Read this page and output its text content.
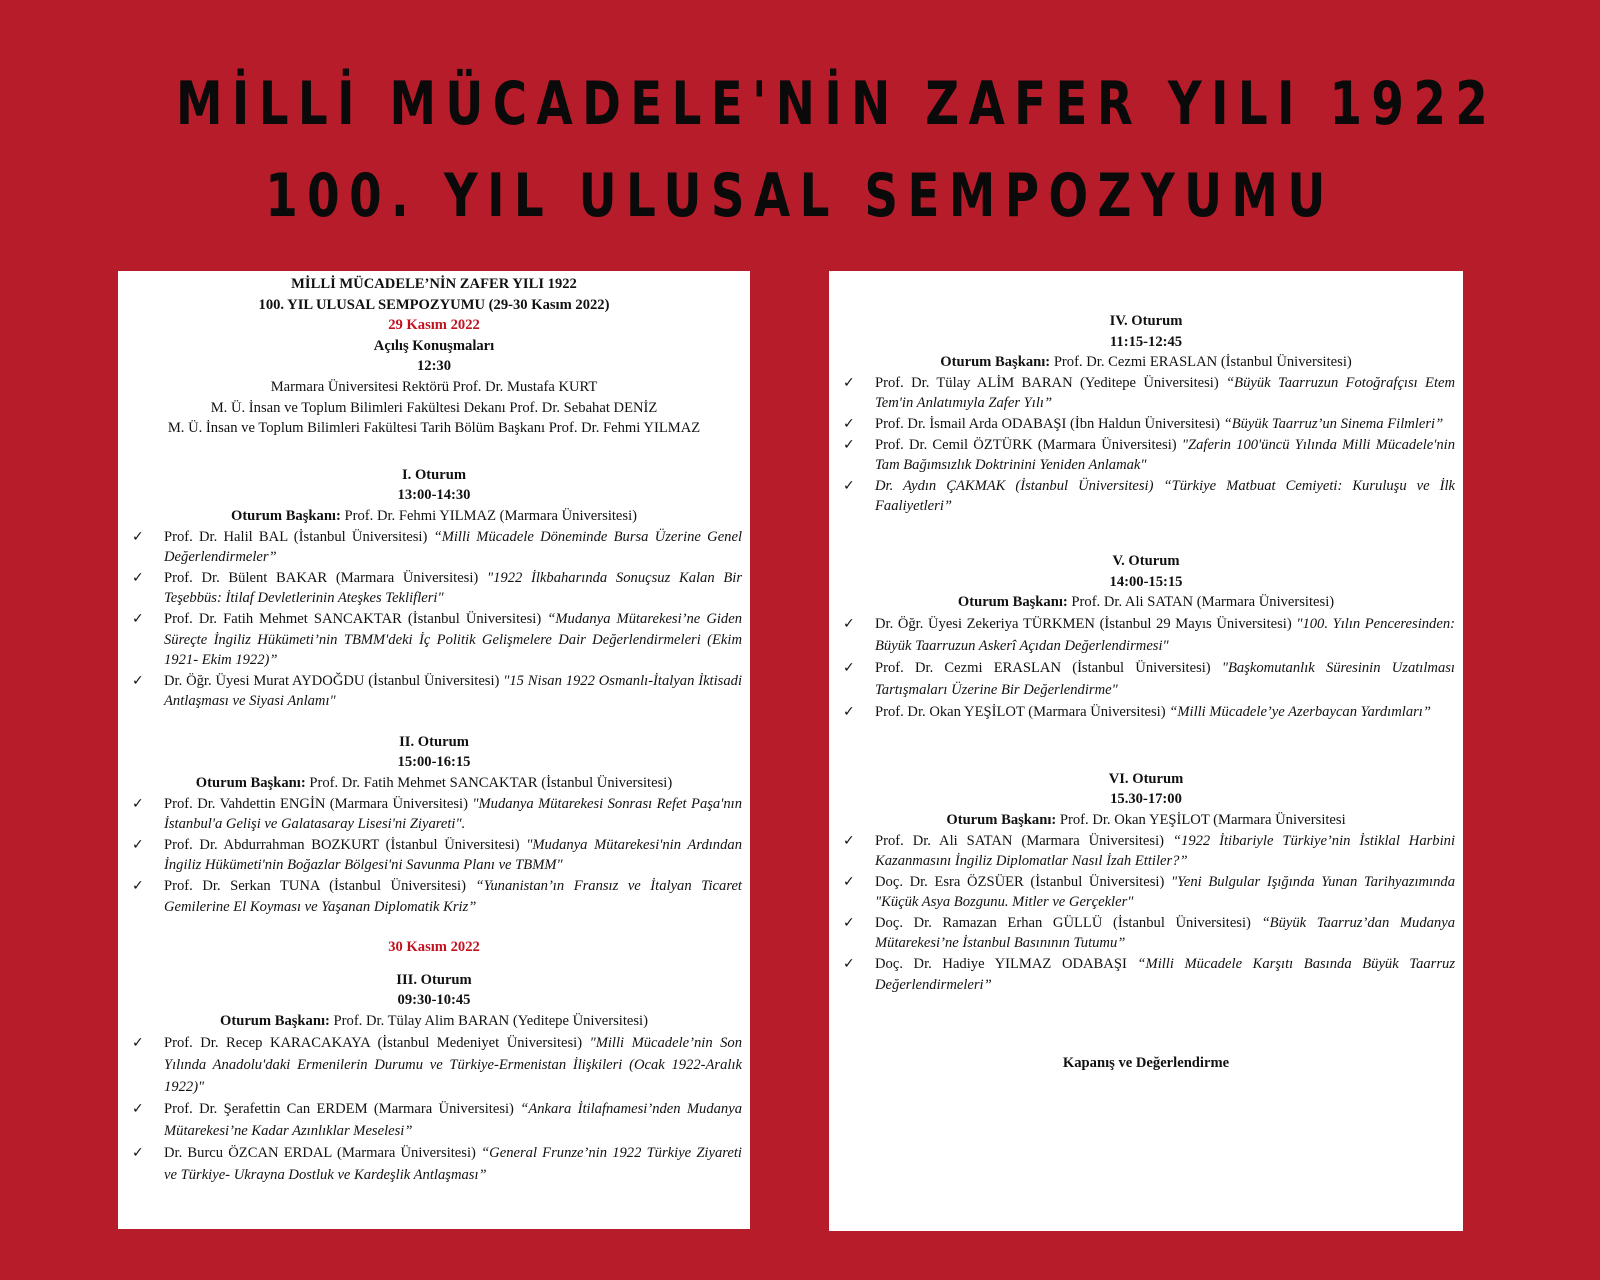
MİLLİ MÜCADELE'NİN ZAFER YILI 1922
100. YIL ULUSAL SEMPOZYUMU
MİLLİ MÜCADELE’NİN ZAFER YILI 1922
100. YIL ULUSAL SEMPOZYUMU (29-30 Kasım 2022)
29 Kasım 2022
Açılış Konuşmaları
12:30
Marmara Üniversitesi Rektörü Prof. Dr. Mustafa KURT
M. Ü. İnsan ve Toplum Bilimleri Fakültesi Dekanı Prof. Dr. Sebahat DENİZ
M. Ü. İnsan ve Toplum Bilimleri Fakültesi Tarih Bölüm Başkanı Prof. Dr. Fehmi YILMAZ
I. Oturum
13:00-14:30
Oturum Başkanı: Prof. Dr. Fehmi YILMAZ (Marmara Üniversitesi)
✓ Prof. Dr. Halil BAL (İstanbul Üniversitesi) “Milli Mücadele Döneminde Bursa Üzerine Genel Değerlendirmeler”
✓ Prof. Dr. Bülent BAKAR (Marmara Üniversitesi) "1922 İlkbaharında Sonuçsuz Kalan Bir Teşebbüs: İtilaf Devletlerinin Ateşkes Teklifleri"
✓ Prof. Dr. Fatih Mehmet SANCAKTAR (İstanbul Üniversitesi) “Mudanya Mütarekesi’ne Giden Süreçte İngiliz Hükümeti’nin TBMM'deki İç Politik Gelişmelere Dair Değerlendirmeleri (Ekim 1921- Ekim 1922)”
✓ Dr. Öğr. Üyesi Murat AYDOĞDU (İstanbul Üniversitesi) "15 Nisan 1922 Osmanlı-İtalyan İktisadi Antlaşması ve Siyasi Anlamı"
II. Oturum
15:00-16:15
Oturum Başkanı: Prof. Dr. Fatih Mehmet SANCAKTAR (İstanbul Üniversitesi)
✓ Prof. Dr. Vahdettin ENGİN (Marmara Üniversitesi) "Mudanya Mütarekesi Sonrası Refet Paşa'nın İstanbul'a Gelişi ve Galatasaray Lisesi'ni Ziyareti".
✓ Prof. Dr. Abdurrahman BOZKURT (İstanbul Üniversitesi) "Mudanya Mütarekesi'nin Ardından İngiliz Hükümeti'nin Boğazlar Bölgesi'ni Savunma Planı ve TBMM"
✓ Prof. Dr. Serkan TUNA (İstanbul Üniversitesi) “Yunanistan’ın Fransız ve İtalyan Ticaret Gemilerine El Koyması ve Yaşanan Diplomatik Kriz”
30 Kasım 2022
III. Oturum
09:30-10:45
Oturum Başkanı: Prof. Dr. Tülay Alim BARAN (Yeditepe Üniversitesi)
✓ Prof. Dr. Recep KARACAKAYA (İstanbul Medeniyet Üniversitesi) "Milli Mücadele’nin Son Yılında Anadolu'daki Ermenilerin Durumu ve Türkiye-Ermenistan İlişkileri (Ocak 1922-Aralık 1922)"
✓ Prof. Dr. Şerafettin Can ERDEM (Marmara Üniversitesi) “Ankara İtilafnamesi’nden Mudanya Mütarekesi’ne Kadar Azınlıklar Meselesi”
✓ Dr. Burcu ÖZCAN ERDAL (Marmara Üniversitesi) “General Frunze’nin 1922 Türkiye Ziyareti ve Türkiye- Ukrayna Dostluk ve Kardeşlik Antlaşması”
IV. Oturum
11:15-12:45
Oturum Başkanı: Prof. Dr. Cezmi ERASLAN (İstanbul Üniversitesi)
✓ Prof. Dr. Tülay ALİM BARAN (Yeditepe Üniversitesi) “Büyük Taarruzun Fotoğrafçısı Etem Tem'in Anlatımıyla Zafer Yılı”
✓ Prof. Dr. İsmail Arda ODABAŞI (İbn Haldun Üniversitesi) “Büyük Taarruz’un Sinema Filmleri”
✓ Prof. Dr. Cemil ÖZTÜRK (Marmara Üniversitesi) "Zaferin 100'üncü Yılında Milli Mücadele'nin Tam Bağımsızlık Doktrinini Yeniden Anlamak"
✓ Dr. Aydın ÇAKMAK (İstanbul Üniversitesi) “Türkiye Matbuat Cemiyeti: Kuruluşu ve İlk Faaliyetleri”
V. Oturum
14:00-15:15
Oturum Başkanı: Prof. Dr. Ali SATAN (Marmara Üniversitesi)
✓ Dr. Öğr. Üyesi Zekeriya TÜRKMEN (İstanbul 29 Mayıs Üniversitesi) "100. Yılın Penceresinden: Büyük Taarruzun Askerî Açıdan Değerlendirmesi"
✓ Prof. Dr. Cezmi ERASLAN (İstanbul Üniversitesi) "Başkomutanlık Süresinin Uzatılması Tartışmaları Üzerine Bir Değerlendirme"
✓ Prof. Dr. Okan YEŞİLOT (Marmara Üniversitesi) “Milli Mücadele’ye Azerbaycan Yardımları”
VI. Oturum
15.30-17:00
Oturum Başkanı: Prof. Dr. Okan YEŞİLOT (Marmara Üniversitesi
✓ Prof. Dr. Ali SATAN (Marmara Üniversitesi) “1922 İtibariyle Türkiye’nin İstiklal Harbini Kazanmasını İngiliz Diplomatlar Nasıl İzah Ettiler?”
✓ Doç. Dr. Esra ÖZSÜER (İstanbul Üniversitesi) "Yeni Bulgular Işığında Yunan Tarihyazımında "Küçük Asya Bozgunu. Mitler ve Gerçekler"
✓ Doç. Dr. Ramazan Erhan GÜLLÜ (İstanbul Üniversitesi) “Büyük Taarruz’dan Mudanya Mütarekesi’ne İstanbul Basınının Tutumu”
✓ Doç. Dr. Hadiye YILMAZ ODABAŞI “Milli Mücadele Karşıtı Basında Büyük Taarruz Değerlendirmeleri”
Kapanış ve Değerlendirme
